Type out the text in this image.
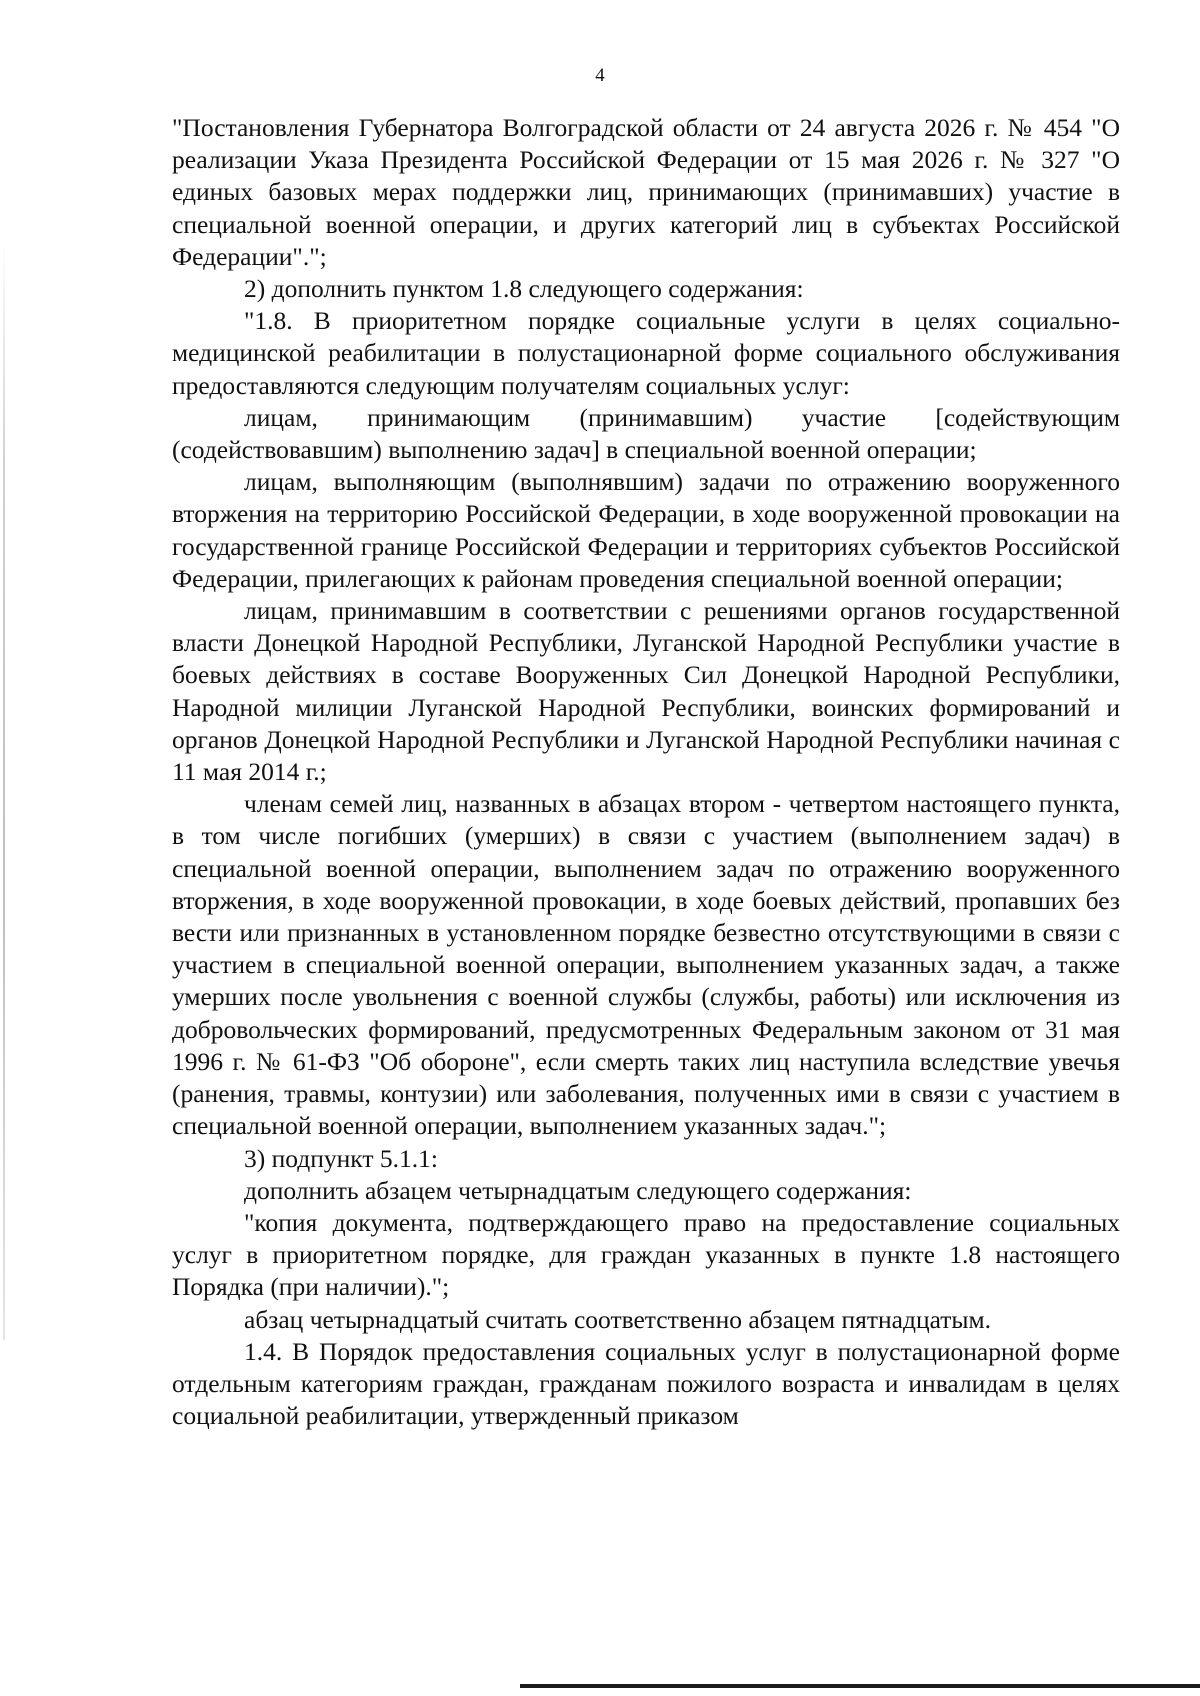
4

"Постановления Губернатора Волгоградской области от 24 августа 2026 г. № 454 "О реализации Указа Президента Российской Федерации от 15 мая 2026 г. № 327 "О единых базовых мерах поддержки лиц, принимающих (принимавших) участие в специальной военной операции, и других категорий лиц в субъектах Российской Федерации".";

2) дополнить пунктом 1.8 следующего содержания:

"1.8. В приоритетном порядке социальные услуги в целях социально-медицинской реабилитации в полустационарной форме социального обслуживания предоставляются следующим получателям социальных услуг:

лицам, принимающим (принимавшим) участие [содействующим (содействовавшим) выполнению задач] в специальной военной операции;

лицам, выполняющим (выполнявшим) задачи по отражению вооруженного вторжения на территорию Российской Федерации, в ходе вооруженной провокации на государственной границе Российской Федерации и территориях субъектов Российской Федерации, прилегающих к районам проведения специальной военной операции;

лицам, принимавшим в соответствии с решениями органов государственной власти Донецкой Народной Республики, Луганской Народной Республики участие в боевых действиях в составе Вооруженных Сил Донецкой Народной Республики, Народной милиции Луганской Народной Республики, воинских формирований и органов Донецкой Народной Республики и Луганской Народной Республики начиная с 11 мая 2014 г.;

членам семей лиц, названных в абзацах втором - четвертом настоящего пункта, в том числе погибших (умерших) в связи с участием (выполнением задач) в специальной военной операции, выполнением задач по отражению вооруженного вторжения, в ходе вооруженной провокации, в ходе боевых действий, пропавших без вести или признанных в установленном порядке безвестно отсутствующими в связи с участием в специальной военной операции, выполнением указанных задач, а также умерших после увольнения с военной службы (службы, работы) или исключения из добровольческих формирований, предусмотренных Федеральным законом от 31 мая 1996 г. № 61-ФЗ "Об обороне", если смерть таких лиц наступила вследствие увечья (ранения, травмы, контузии) или заболевания, полученных ими в связи с участием в специальной военной операции, выполнением указанных задач.";

3) подпункт 5.1.1:

дополнить абзацем четырнадцатым следующего содержания:

"копия документа, подтверждающего право на предоставление социальных услуг в приоритетном порядке, для граждан указанных в пункте 1.8 настоящего Порядка (при наличии).";

абзац четырнадцатый считать соответственно абзацем пятнадцатым.

1.4. В Порядок предоставления социальных услуг в полустационарной форме отдельным категориям граждан, гражданам пожилого возраста и инвалидам в целях социальной реабилитации, утвержденный приказом
